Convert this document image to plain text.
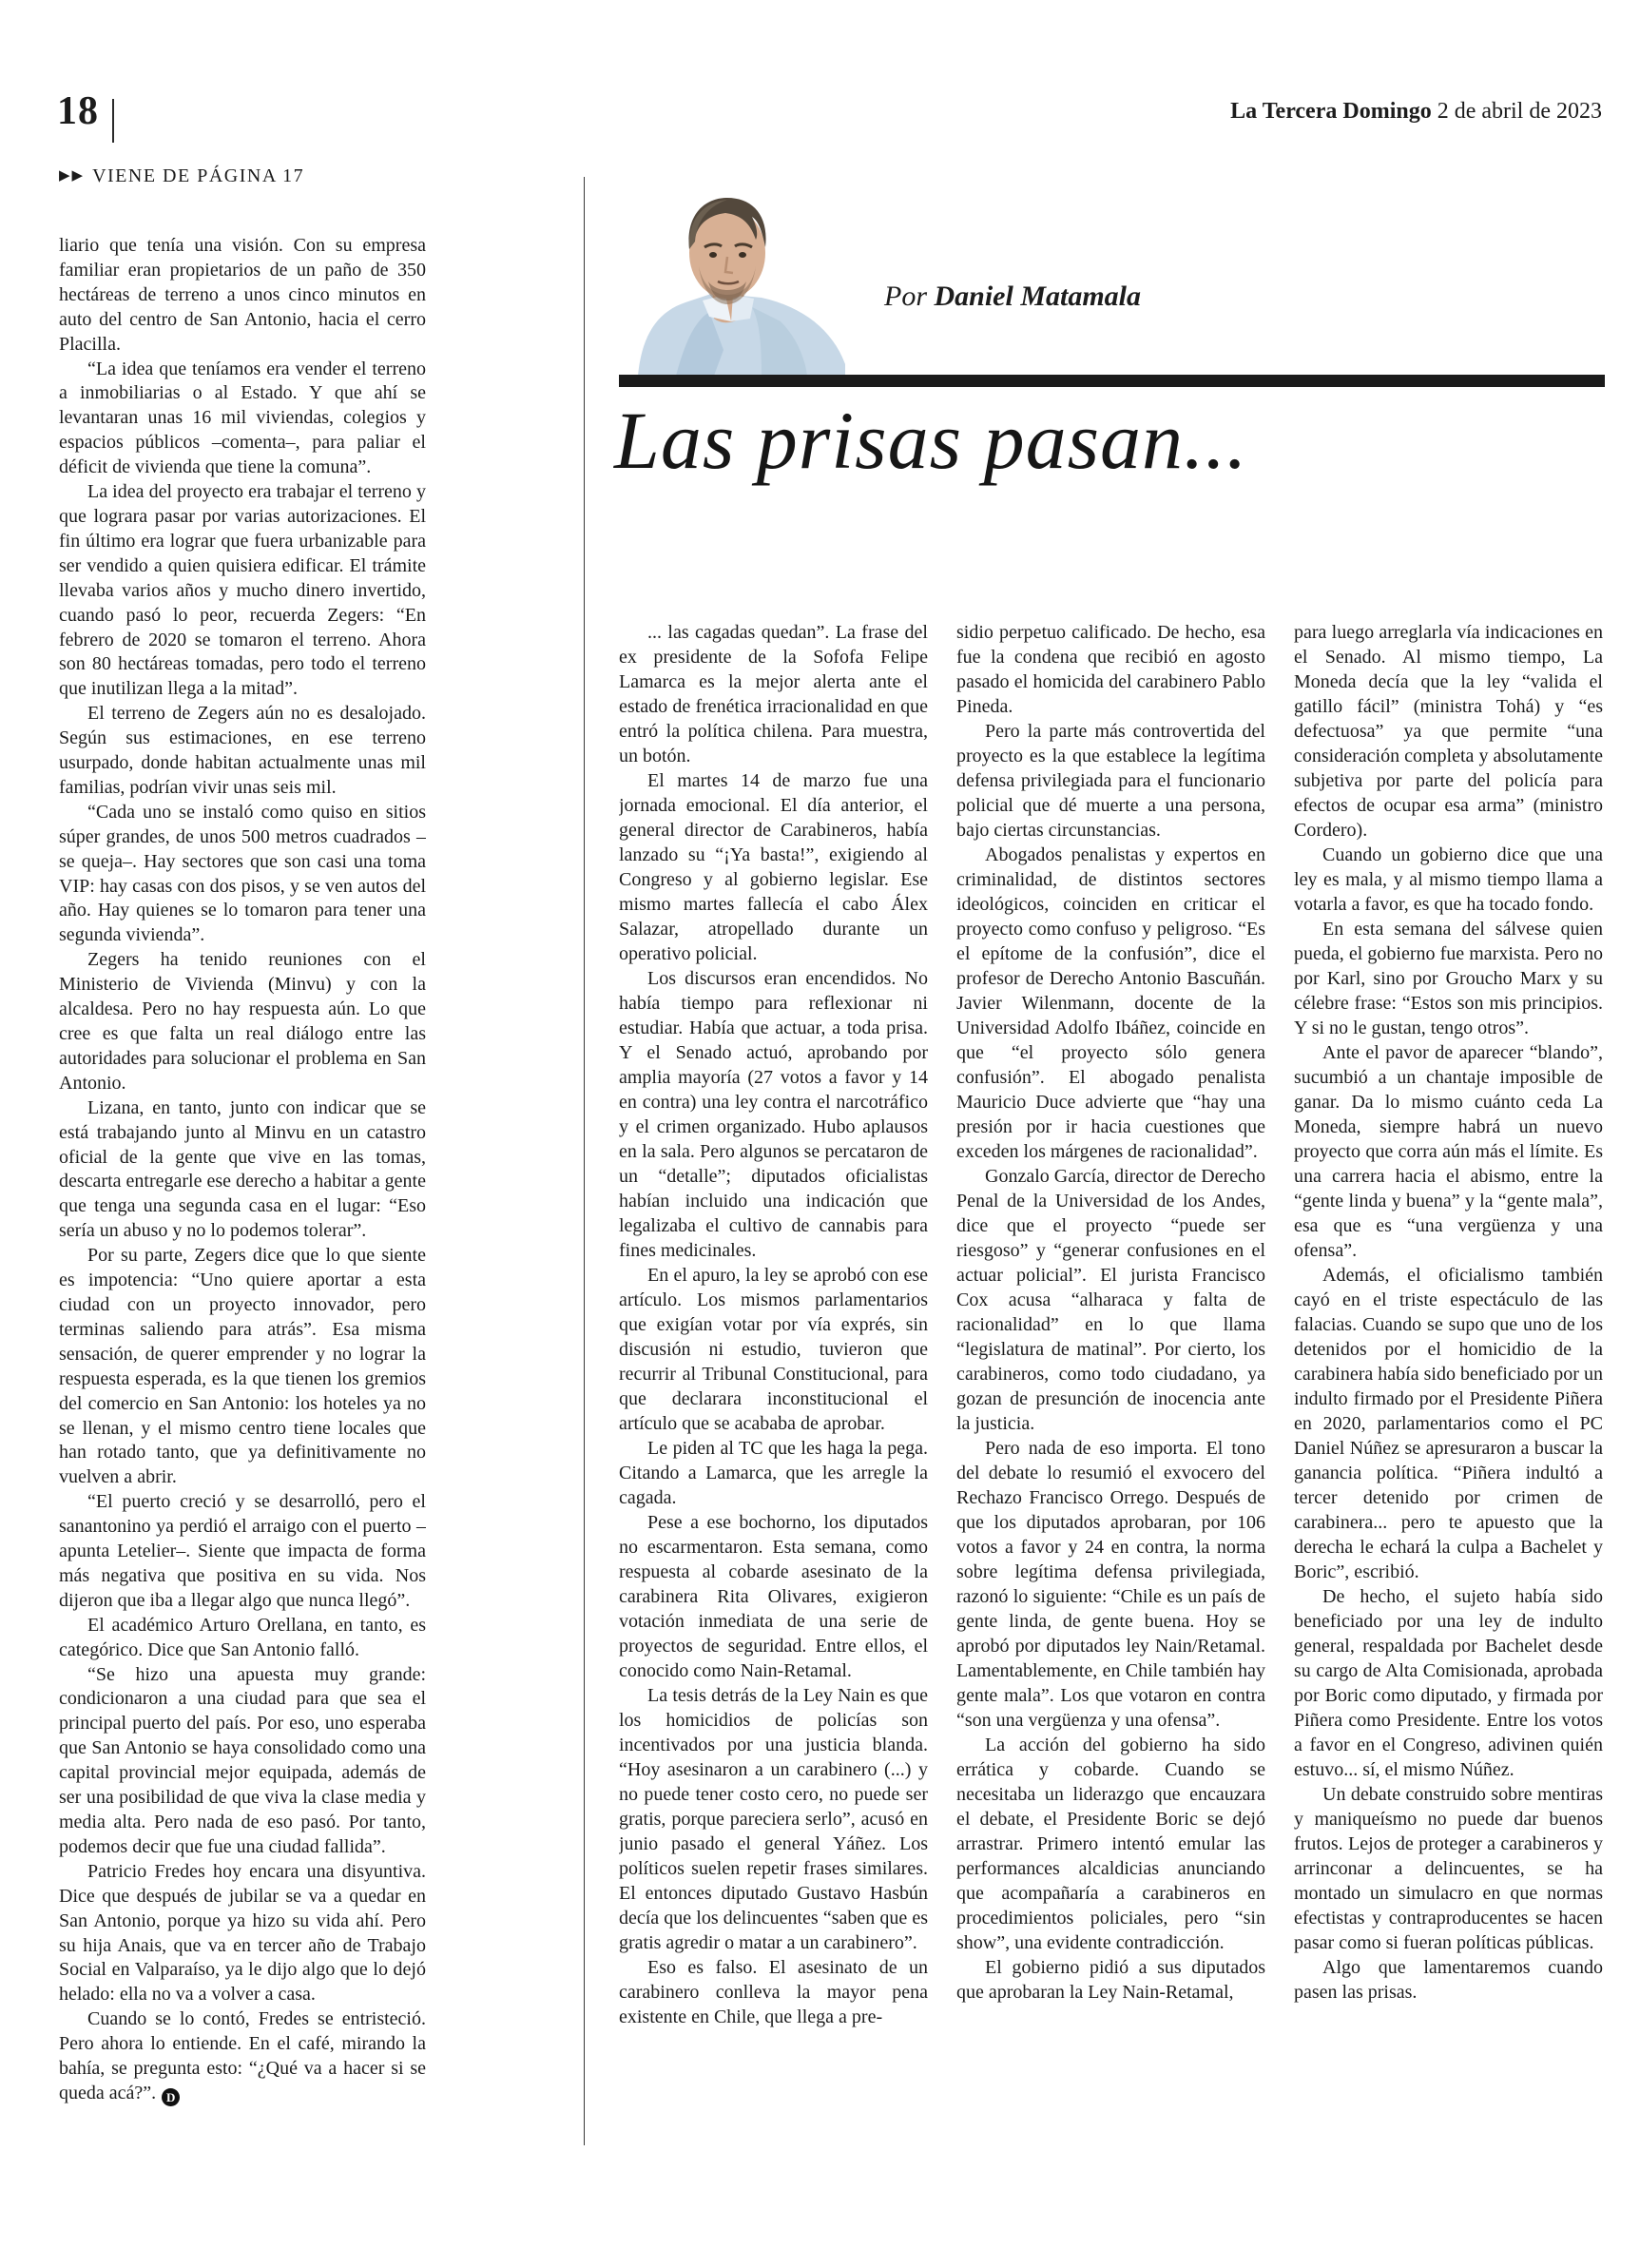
18	La Tercera Domingo 2 de abril de 2023
▶▶ VIENE DE PÁGINA 17

liario que tenía una visión. Con su empresa familiar eran propietarios de un paño de 350 hectáreas de terreno a unos cinco minutos en auto del centro de San Antonio, hacia el cerro Placilla.

“La idea que teníamos era vender el terreno a inmobiliarias o al Estado. Y que ahí se levantaran unas 16 mil viviendas, colegios y espacios públicos –comenta–, para paliar el déficit de vivienda que tiene la comuna”.

La idea del proyecto era trabajar el terreno y que lograra pasar por varias autorizaciones. El fin último era lograr que fuera urbanizable para ser vendido a quien quisiera edificar. El trámite llevaba varios años y mucho dinero invertido, cuando pasó lo peor, recuerda Zegers: “En febrero de 2020 se tomaron el terreno. Ahora son 80 hectáreas tomadas, pero todo el terreno que inutilizan llega a la mitad”.

El terreno de Zegers aún no es desalojado. Según sus estimaciones, en ese terreno usurpado, donde habitan actualmente unas mil familias, podrían vivir unas seis mil.

“Cada uno se instaló como quiso en sitios súper grandes, de unos 500 metros cuadrados –se queja–. Hay sectores que son casi una toma VIP: hay casas con dos pisos, y se ven autos del año. Hay quienes se lo tomaron para tener una segunda vivienda”.

Zegers ha tenido reuniones con el Ministerio de Vivienda (Minvu) y con la alcaldesa. Pero no hay respuesta aún. Lo que cree es que falta un real diálogo entre las autoridades para solucionar el problema en San Antonio.

Lizana, en tanto, junto con indicar que se está trabajando junto al Minvu en un catastro oficial de la gente que vive en las tomas, descarta entregarle ese derecho a habitar a gente que tenga una segunda casa en el lugar: “Eso sería un abuso y no lo podemos tolerar”.

Por su parte, Zegers dice que lo que siente es impotencia: “Uno quiere aportar a esta ciudad con un proyecto innovador, pero terminas saliendo para atrás”. Esa misma sensación, de querer emprender y no lograr la respuesta esperada, es la que tienen los gremios del comercio en San Antonio: los hoteles ya no se llenan, y el mismo centro tiene locales que han rotado tanto, que ya definitivamente no vuelven a abrir.

“El puerto creció y se desarrolló, pero el sanantonino ya perdió el arraigo con el puerto –apunta Letelier–. Siente que impacta de forma más negativa que positiva en su vida. Nos dijeron que iba a llegar algo que nunca llegó”.

El académico Arturo Orellana, en tanto, es categórico. Dice que San Antonio falló.

“Se hizo una apuesta muy grande: condicionaron a una ciudad para que sea el principal puerto del país. Por eso, uno esperaba que San Antonio se haya consolidado como una capital provincial mejor equipada, además de ser una posibilidad de que viva la clase media y media alta. Pero nada de eso pasó. Por tanto, podemos decir que fue una ciudad fallida”.

Patricio Fredes hoy encara una disyuntiva. Dice que después de jubilar se va a quedar en San Antonio, porque ya hizo su vida ahí. Pero su hija Anais, que va en tercer año de Trabajo Social en Valparaíso, ya le dijo algo que lo dejó helado: ella no va a volver a casa.

Cuando se lo contó, Fredes se entristeció. Pero ahora lo entiende. En el café, mirando la bahía, se pregunta esto: “¿Qué va a hacer si se queda acá?”. D

Por Daniel Matamala
Las prisas pasan...

... las cagadas quedan”. La frase del ex presidente de la Sofofa Felipe Lamarca es la mejor alerta ante el estado de frenética irracionalidad en que entró la política chilena. Para muestra, un botón.

El martes 14 de marzo fue una jornada emocional. El día anterior, el general director de Carabineros, había lanzado su “¡Ya basta!”, exigiendo al Congreso y al gobierno legislar. Ese mismo martes fallecía el cabo Álex Salazar, atropellado durante un operativo policial.

Los discursos eran encendidos. No había tiempo para reflexionar ni estudiar. Había que actuar, a toda prisa. Y el Senado actuó, aprobando por amplia mayoría (27 votos a favor y 14 en contra) una ley contra el narcotráfico y el crimen organizado. Hubo aplausos en la sala. Pero algunos se percataron de un “detalle”; diputados oficialistas habían incluido una indicación que legalizaba el cultivo de cannabis para fines medicinales.

En el apuro, la ley se aprobó con ese artículo. Los mismos parlamentarios que exigían votar por vía exprés, sin discusión ni estudio, tuvieron que recurrir al Tribunal Constitucional, para que declarara inconstitucional el artículo que se acababa de aprobar.

Le piden al TC que les haga la pega. Citando a Lamarca, que les arregle la cagada.

Pese a ese bochorno, los diputados no escarmentaron. Esta semana, como respuesta al cobarde asesinato de la carabinera Rita Olivares, exigieron votación inmediata de una serie de proyectos de seguridad. Entre ellos, el conocido como Nain-Retamal.

La tesis detrás de la Ley Nain es que los homicidios de policías son incentivados por una justicia blanda. “Hoy asesinaron a un carabinero (...) y no puede tener costo cero, no puede ser gratis, porque pareciera serlo”, acusó en junio pasado el general Yáñez. Los políticos suelen repetir frases similares. El entonces diputado Gustavo Hasbún decía que los delincuentes “saben que es gratis agredir o matar a un carabinero”.

Eso es falso. El asesinato de un carabinero conlleva la mayor pena existente en Chile, que llega a pre-

sidio perpetuo calificado. De hecho, esa fue la condena que recibió en agosto pasado el homicida del carabinero Pablo Pineda.

Pero la parte más controvertida del proyecto es la que establece la legítima defensa privilegiada para el funcionario policial que dé muerte a una persona, bajo ciertas circunstancias.

Abogados penalistas y expertos en criminalidad, de distintos sectores ideológicos, coinciden en criticar el proyecto como confuso y peligroso. “Es el epítome de la confusión”, dice el profesor de Derecho Antonio Bascuñán. Javier Wilenmann, docente de la Universidad Adolfo Ibáñez, coincide en que “el proyecto sólo genera confusión”. El abogado penalista Mauricio Duce advierte que “hay una presión por ir hacia cuestiones que exceden los márgenes de racionalidad”.

Gonzalo García, director de Derecho Penal de la Universidad de los Andes, dice que el proyecto “puede ser riesgoso” y “generar confusiones en el actuar policial”. El jurista Francisco Cox acusa “alharaca y falta de racionalidad” en lo que llama “legislatura de matinal”. Por cierto, los carabineros, como todo ciudadano, ya gozan de presunción de inocencia ante la justicia.

Pero nada de eso importa. El tono del debate lo resumió el exvocero del Rechazo Francisco Orrego. Después de que los diputados aprobaran, por 106 votos a favor y 24 en contra, la norma sobre legítima defensa privilegiada, razonó lo siguiente: “Chile es un país de gente linda, de gente buena. Hoy se aprobó por diputados ley Nain/Retamal. Lamentablemente, en Chile también hay gente mala”. Los que votaron en contra “son una vergüenza y una ofensa”.

La acción del gobierno ha sido errática y cobarde. Cuando se necesitaba un liderazgo que encauzara el debate, el Presidente Boric se dejó arrastrar. Primero intentó emular las performances alcaldicias anunciando que acompañaría a carabineros en procedimientos policiales, pero “sin show”, una evidente contradicción.

El gobierno pidió a sus diputados que aprobaran la Ley Nain-Retamal,

para luego arreglarla vía indicaciones en el Senado. Al mismo tiempo, La Moneda decía que la ley “valida el gatillo fácil” (ministra Tohá) y “es defectuosa” ya que permite “una consideración completa y absolutamente subjetiva por parte del policía para efectos de ocupar esa arma” (ministro Cordero).

Cuando un gobierno dice que una ley es mala, y al mismo tiempo llama a votarla a favor, es que ha tocado fondo.

En esta semana del sálvese quien pueda, el gobierno fue marxista. Pero no por Karl, sino por Groucho Marx y su célebre frase: “Estos son mis principios. Y si no le gustan, tengo otros”.

Ante el pavor de aparecer “blando”, sucumbió a un chantaje imposible de ganar. Da lo mismo cuánto ceda La Moneda, siempre habrá un nuevo proyecto que corra aún más el límite. Es una carrera hacia el abismo, entre la “gente linda y buena” y la “gente mala”, esa que es “una vergüenza y una ofensa”.

Además, el oficialismo también cayó en el triste espectáculo de las falacias. Cuando se supo que uno de los detenidos por el homicidio de la carabinera había sido beneficiado por un indulto firmado por el Presidente Piñera en 2020, parlamentarios como el PC Daniel Núñez se apresuraron a buscar la ganancia política. “Piñera indultó a tercer detenido por crimen de carabinera... pero te apuesto que la derecha le echará la culpa a Bachelet y Boric”, escribió.

De hecho, el sujeto había sido beneficiado por una ley de indulto general, respaldada por Bachelet desde su cargo de Alta Comisionada, aprobada por Boric como diputado, y firmada por Piñera como Presidente. Entre los votos a favor en el Congreso, adivinen quién estuvo... sí, el mismo Núñez.

Un debate construido sobre mentiras y maniqueísmo no puede dar buenos frutos. Lejos de proteger a carabineros y arrinconar a delincuentes, se ha montado un simulacro en que normas efectistas y contraproducentes se hacen pasar como si fueran políticas públicas.

Algo que lamentaremos cuando pasen las prisas.
